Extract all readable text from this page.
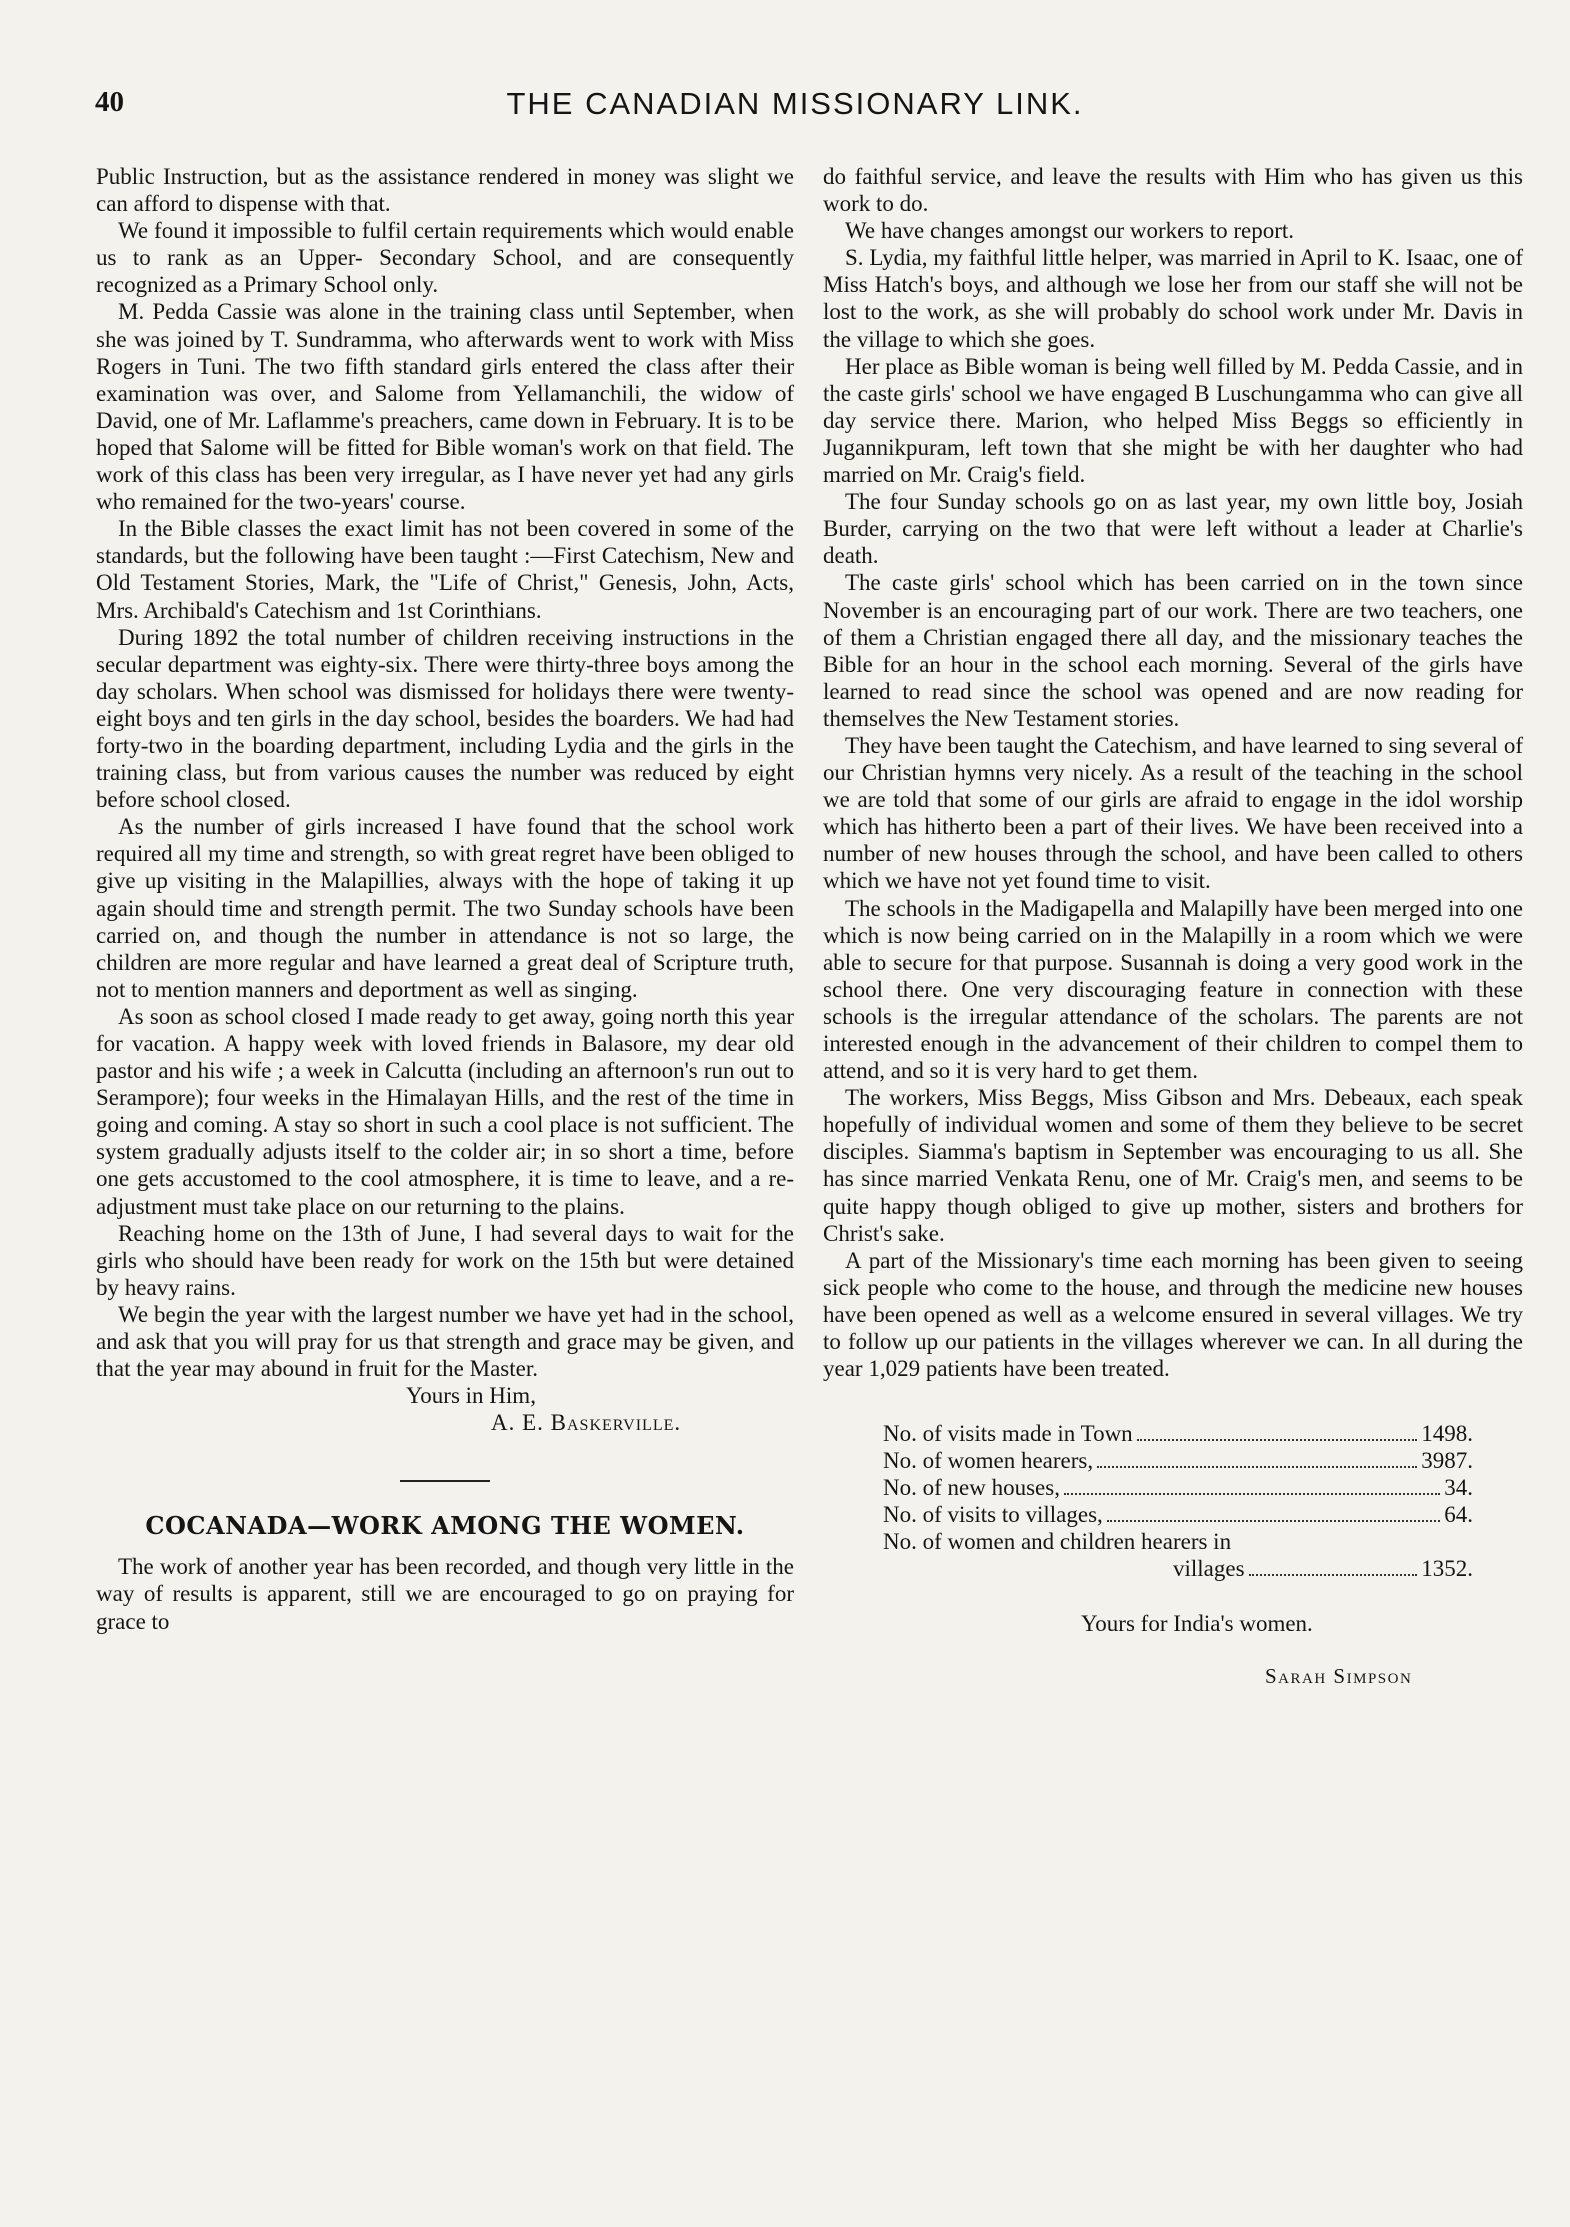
40	THE CANADIAN MISSIONARY LINK.

Public Instruction, but as the assistance rendered in money was slight we can afford to dispense with that.

We found it impossible to fulfil certain requirements which would enable us to rank as an Upper- Secondary School, and are consequently recognized as a Primary School only.

M. Pedda Cassie was alone in the training class until September, when she was joined by T. Sundramma, who afterwards went to work with Miss Rogers in Tuni. The two fifth standard girls entered the class after their examination was over, and Salome from Yellamanchili, the widow of David, one of Mr. Laflamme's preachers, came down in February. It is to be hoped that Salome will be fitted for Bible woman's work on that field. The work of this class has been very irregular, as I have never yet had any girls who remained for the two-years' course.

In the Bible classes the exact limit has not been covered in some of the standards, but the following have been taught :—First Catechism, New and Old Testament Stories, Mark, the "Life of Christ," Genesis, John, Acts, Mrs. Archibald's Catechism and 1st Corinthians.

During 1892 the total number of children receiving instructions in the secular department was eighty-six. There were thirty-three boys among the day scholars. When school was dismissed for holidays there were twenty-eight boys and ten girls in the day school, besides the boarders. We had had forty-two in the boarding department, including Lydia and the girls in the training class, but from various causes the number was reduced by eight before school closed.

As the number of girls increased I have found that the school work required all my time and strength, so with great regret have been obliged to give up visiting in the Malapillies, always with the hope of taking it up again should time and strength permit. The two Sunday schools have been carried on, and though the number in attendance is not so large, the children are more regular and have learned a great deal of Scripture truth, not to mention manners and deportment as well as singing.

As soon as school closed I made ready to get away, going north this year for vacation. A happy week with loved friends in Balasore, my dear old pastor and his wife ; a week in Calcutta (including an afternoon's run out to Serampore); four weeks in the Himalayan Hills, and the rest of the time in going and coming. A stay so short in such a cool place is not sufficient. The system gradually adjusts itself to the colder air; in so short a time, before one gets accustomed to the cool atmosphere, it is time to leave, and a re-adjustment must take place on our returning to the plains.

Reaching home on the 13th of June, I had several days to wait for the girls who should have been ready for work on the 15th but were detained by heavy rains.

We begin the year with the largest number we have yet had in the school, and ask that you will pray for us that strength and grace may be given, and that the year may abound in fruit for the Master.

Yours in Him,
A. E. Baskerville.
COCANADA—WORK AMONG THE WOMEN.

The work of another year has been recorded, and though very little in the way of results is apparent, still we are encouraged to go on praying for grace to

do faithful service, and leave the results with Him who has given us this work to do.

We have changes amongst our workers to report.

S. Lydia, my faithful little helper, was married in April to K. Isaac, one of Miss Hatch's boys, and although we lose her from our staff she will not be lost to the work, as she will probably do school work under Mr. Davis in the village to which she goes.

Her place as Bible woman is being well filled by M. Pedda Cassie, and in the caste girls' school we have engaged B Luschungamma who can give all day service there. Marion, who helped Miss Beggs so efficiently in Jugannikpuram, left town that she might be with her daughter who had married on Mr. Craig's field.

The four Sunday schools go on as last year, my own little boy, Josiah Burder, carrying on the two that were left without a leader at Charlie's death.

The caste girls' school which has been carried on in the town since November is an encouraging part of our work. There are two teachers, one of them a Christian engaged there all day, and the missionary teaches the Bible for an hour in the school each morning. Several of the girls have learned to read since the school was opened and are now reading for themselves the New Testament stories.

They have been taught the Catechism, and have learned to sing several of our Christian hymns very nicely. As a result of the teaching in the school we are told that some of our girls are afraid to engage in the idol worship which has hitherto been a part of their lives. We have been received into a number of new houses through the school, and have been called to others which we have not yet found time to visit.

The schools in the Madigapella and Malapilly have been merged into one which is now being carried on in the Malapilly in a room which we were able to secure for that purpose. Susannah is doing a very good work in the school there. One very discouraging feature in connection with these schools is the irregular attendance of the scholars. The parents are not interested enough in the advancement of their children to compel them to attend, and so it is very hard to get them.

The workers, Miss Beggs, Miss Gibson and Mrs. Debeaux, each speak hopefully of individual women and some of them they believe to be secret disciples. Siamma's baptism in September was encouraging to us all. She has since married Venkata Renu, one of Mr. Craig's men, and seems to be quite happy though obliged to give up mother, sisters and brothers for Christ's sake.

A part of the Missionary's time each morning has been given to seeing sick people who come to the house, and through the medicine new houses have been opened as well as a welcome ensured in several villages. We try to follow up our patients in the villages wherever we can. In all during the year 1,029 patients have been treated.

No. of visits made in Town	1498.
No. of women hearers,	3987.
No. of new houses,	34.
No. of visits to villages,	64.
No. of women and children hearers in
villages	1352.
Yours for India's women.
Sarah Simpson
